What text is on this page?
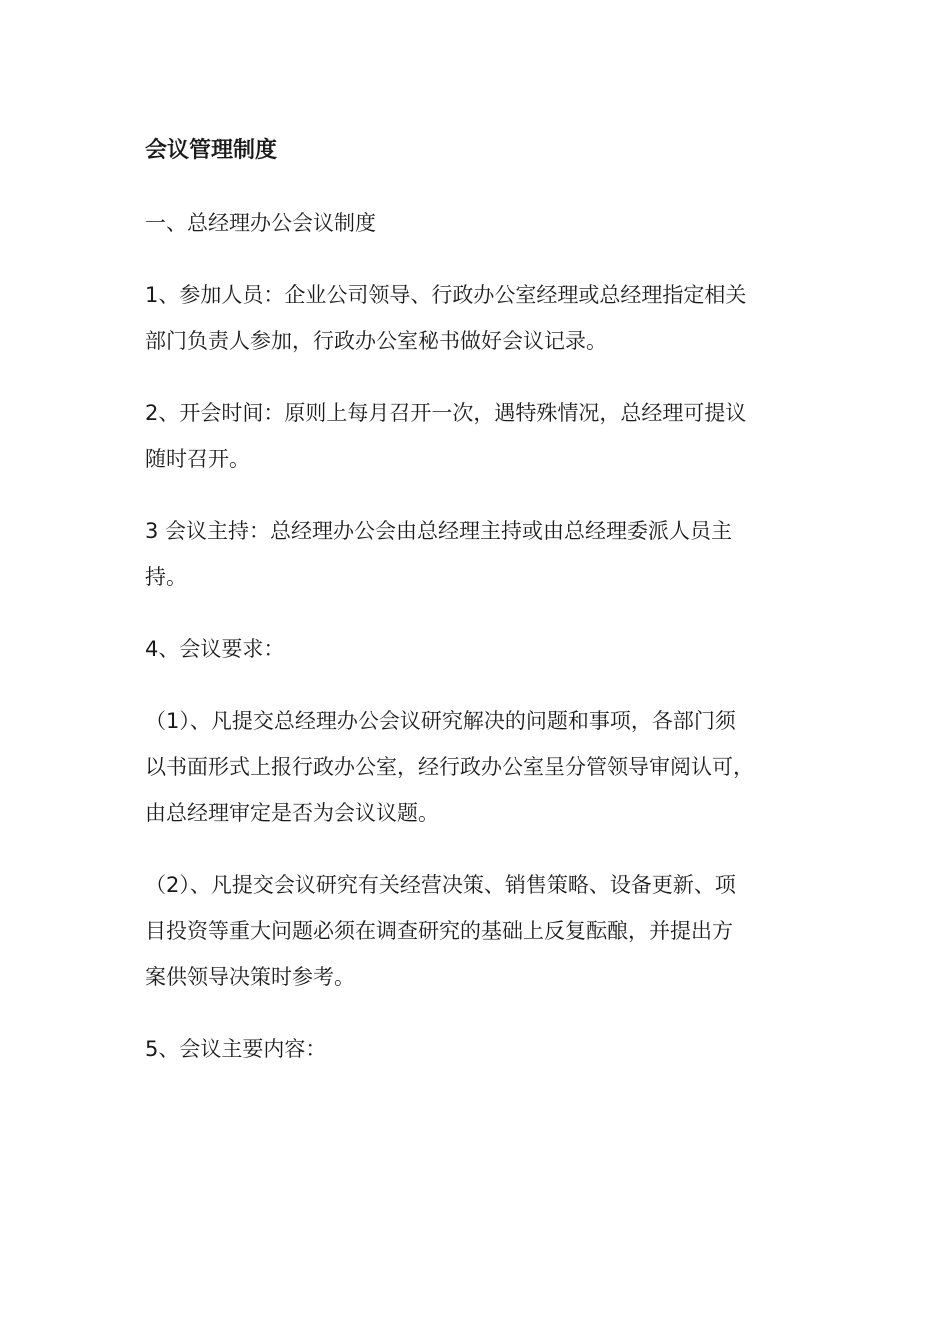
会议管理制度
一、总经理办公会议制度
1、参加人员：企业公司领导、行政办公室经理或总经理指定相关
部门负责人参加，行政办公室秘书做好会议记录。
2、开会时间：原则上每月召开一次，遇特殊情况，总经理可提议
随时召开。
3 会议主持：总经理办公会由总经理主持或由总经理委派人员主
持。
4、会议要求：
（1）、凡提交总经理办公会议研究解决的问题和事项，各部门须
以书面形式上报行政办公室，经行政办公室呈分管领导审阅认可，
由总经理审定是否为会议议题。
（2）、凡提交会议研究有关经营决策、销售策略、设备更新、项
目投资等重大问题必须在调查研究的基础上反复酝酿，并提出方
案供领导决策时参考。
5、会议主要内容：
